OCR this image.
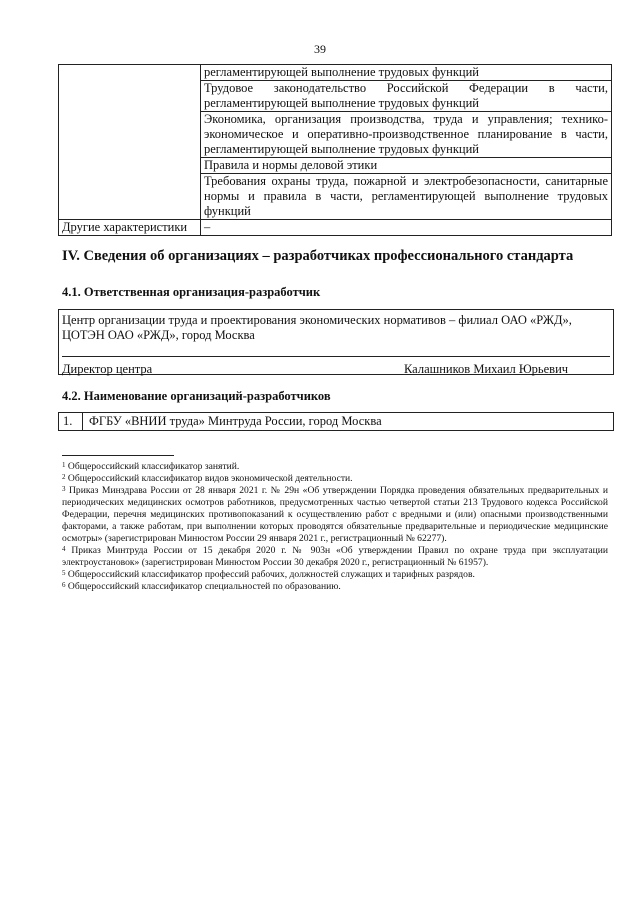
39
	регламентирующей выполнение трудовых функций
	Трудовое законодательство Российской Федерации в части, регламентирующей выполнение трудовых функций
	Экономика, организация производства, труда и управления; технико-экономическое и оперативно-производственное планирование в части, регламентирующей выполнение трудовых функций
	Правила и нормы деловой этики
	Требования охраны труда, пожарной и электробезопасности, санитарные нормы и правила в части, регламентирующей выполнение трудовых функций
Другие характеристики	–
IV. Сведения об организациях – разработчиках профессионального стандарта
4.1. Ответственная организация-разработчик
Центр организации труда и проектирования экономических нормативов – филиал ОАО «РЖД», ЦОТЭН ОАО «РЖД», город Москва
Директор центра	Калашников Михаил Юрьевич
4.2. Наименование организаций-разработчиков
1.	ФГБУ «ВНИИ труда» Минтруда России, город Москва
$^1$ Общероссийский классификатор занятий.
$^2$ Общероссийский классификатор видов экономической деятельности.
$^3$ Приказ Минздрава России от 28 января 2021 г. № 29н «Об утверждении Порядка проведения обязательных предварительных и периодических медицинских осмотров работников, предусмотренных частью четвертой статьи 213 Трудового кодекса Российской Федерации, перечня медицинских противопоказаний к осуществлению работ с вредными и (или) опасными производственными факторами, а также работам, при выполнении которых проводятся обязательные предварительные и периодические медицинские осмотры» (зарегистрирован Минюстом России 29 января 2021 г., регистрационный № 62277).
$^4$ Приказ Минтруда России от 15 декабря 2020 г. № 903н «Об утверждении Правил по охране труда при эксплуатации электроустановок» (зарегистрирован Минюстом России 30 декабря 2020 г., регистрационный № 61957).
$^5$ Общероссийский классификатор профессий рабочих, должностей служащих и тарифных разрядов.
$^6$ Общероссийский классификатор специальностей по образованию.
